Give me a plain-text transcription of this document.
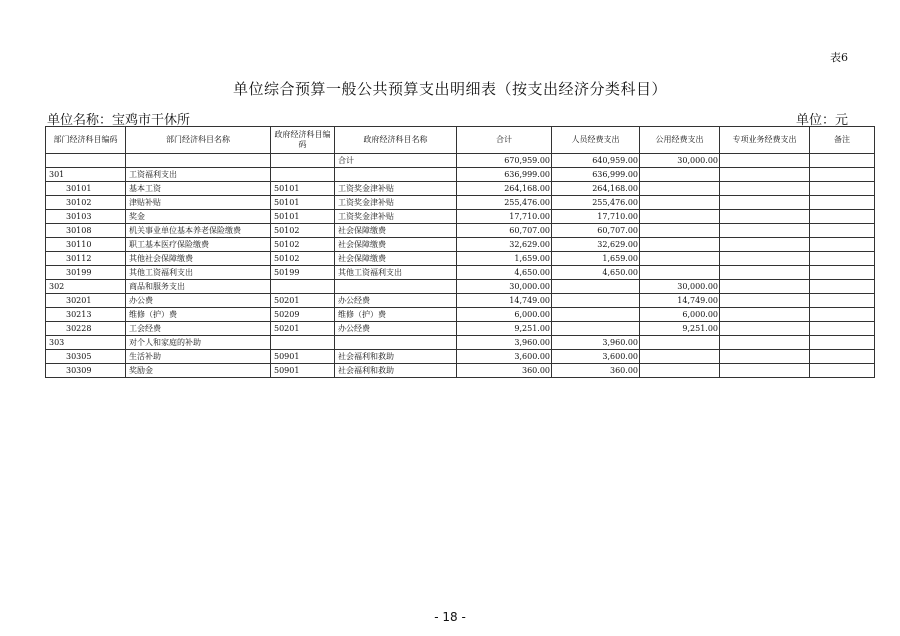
表6
单位综合预算一般公共预算支出明细表（按支出经济分类科目）
单位名称：宝鸡市干休所	单位：元
部门经济科目编码	部门经济科目名称	政府经济科目编码	政府经济科目名称	合计	人员经费支出	公用经费支出	专项业务经费支出	备注
			合计	670,959.00	640,959.00	30,000.00		
301	工资福利支出			636,999.00	636,999.00			
30101	基本工资	50101	工资奖金津补贴	264,168.00	264,168.00			
30102	津贴补贴	50101	工资奖金津补贴	255,476.00	255,476.00			
30103	奖金	50101	工资奖金津补贴	17,710.00	17,710.00			
30108	机关事业单位基本养老保险缴费	50102	社会保障缴费	60,707.00	60,707.00			
30110	职工基本医疗保险缴费	50102	社会保障缴费	32,629.00	32,629.00			
30112	其他社会保障缴费	50102	社会保障缴费	1,659.00	1,659.00			
30199	其他工资福利支出	50199	其他工资福利支出	4,650.00	4,650.00			
302	商品和服务支出			30,000.00		30,000.00		
30201	办公费	50201	办公经费	14,749.00		14,749.00		
30213	维修（护）费	50209	维修（护）费	6,000.00		6,000.00		
30228	工会经费	50201	办公经费	9,251.00		9,251.00		
303	对个人和家庭的补助			3,960.00	3,960.00			
30305	生活补助	50901	社会福利和救助	3,600.00	3,600.00			
30309	奖励金	50901	社会福利和救助	360.00	360.00			
- 18 -
